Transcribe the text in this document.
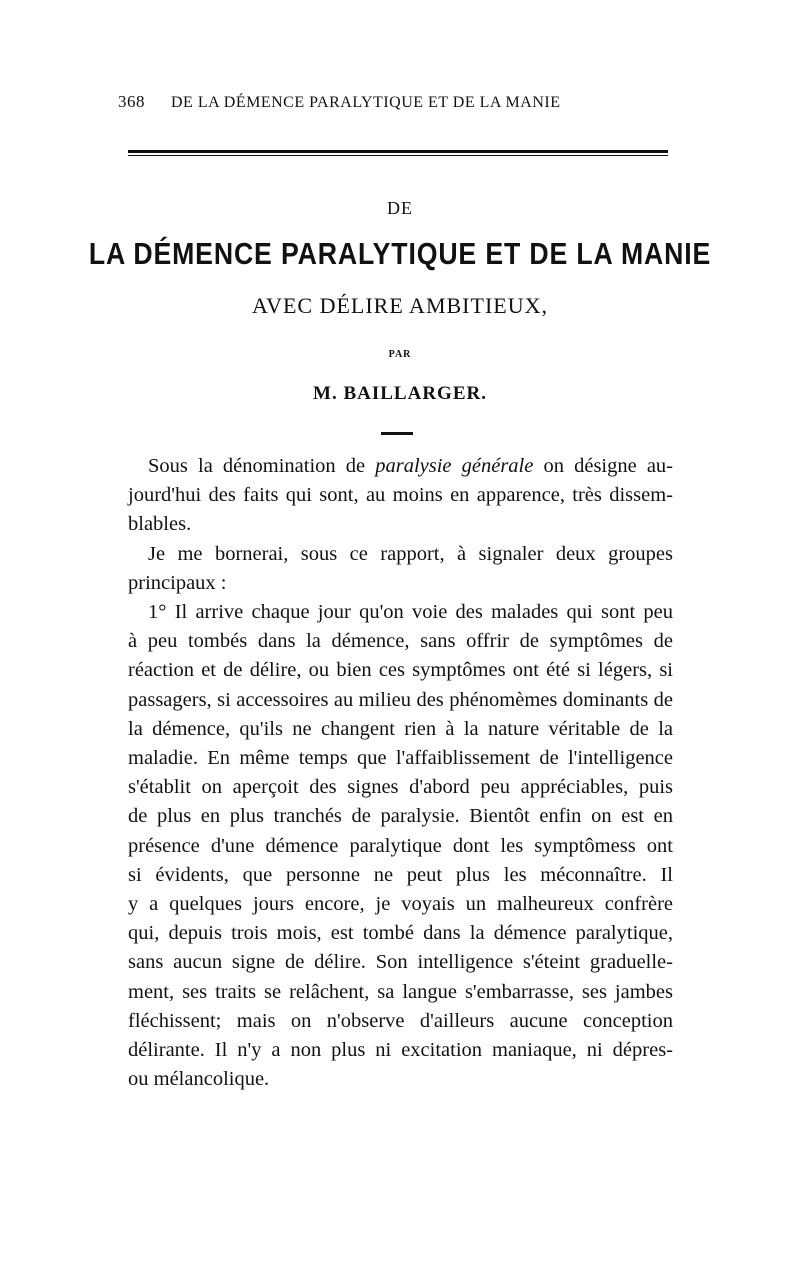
368 DE LA DÉMENCE PARALYTIQUE ET DE LA MANIE
DE
LA DÉMENCE PARALYTIQUE ET DE LA MANIE
AVEC DÉLIRE AMBITIEUX,
PAR
M. BAILLARGER.
Sous la dénomination de paralysie générale on désigne au-
jourd'hui des faits qui sont, au moins en apparence, très dissem-
blables.
Je me bornerai, sous ce rapport, à signaler deux groupes
principaux :
1° Il arrive chaque jour qu'on voie des malades qui sont peu
à peu tombés dans la démence, sans offrir de symptômes de
réaction et de délire, ou bien ces symptômes ont été si légers, si
passagers, si accessoires au milieu des phénomèmes dominants de
la démence, qu'ils ne changent rien à la nature véritable de la
maladie. En même temps que l'affaiblissement de l'intelligence
s'établit on aperçoit des signes d'abord peu appréciables, puis
de plus en plus tranchés de paralysie. Bientôt enfin on est en
présence d'une démence paralytique dont les symptômess ont
si évidents, que personne ne peut plus les méconnaître. Il
y a quelques jours encore, je voyais un malheureux confrère
qui, depuis trois mois, est tombé dans la démence paralytique,
sans aucun signe de délire. Son intelligence s'éteint graduelle-
ment, ses traits se relâchent, sa langue s'embarrasse, ses jambes
fléchissent; mais on n'observe d'ailleurs aucune conception
délirante. Il n'y a non plus ni excitation maniaque, ni dépres-
ou mélancolique.
